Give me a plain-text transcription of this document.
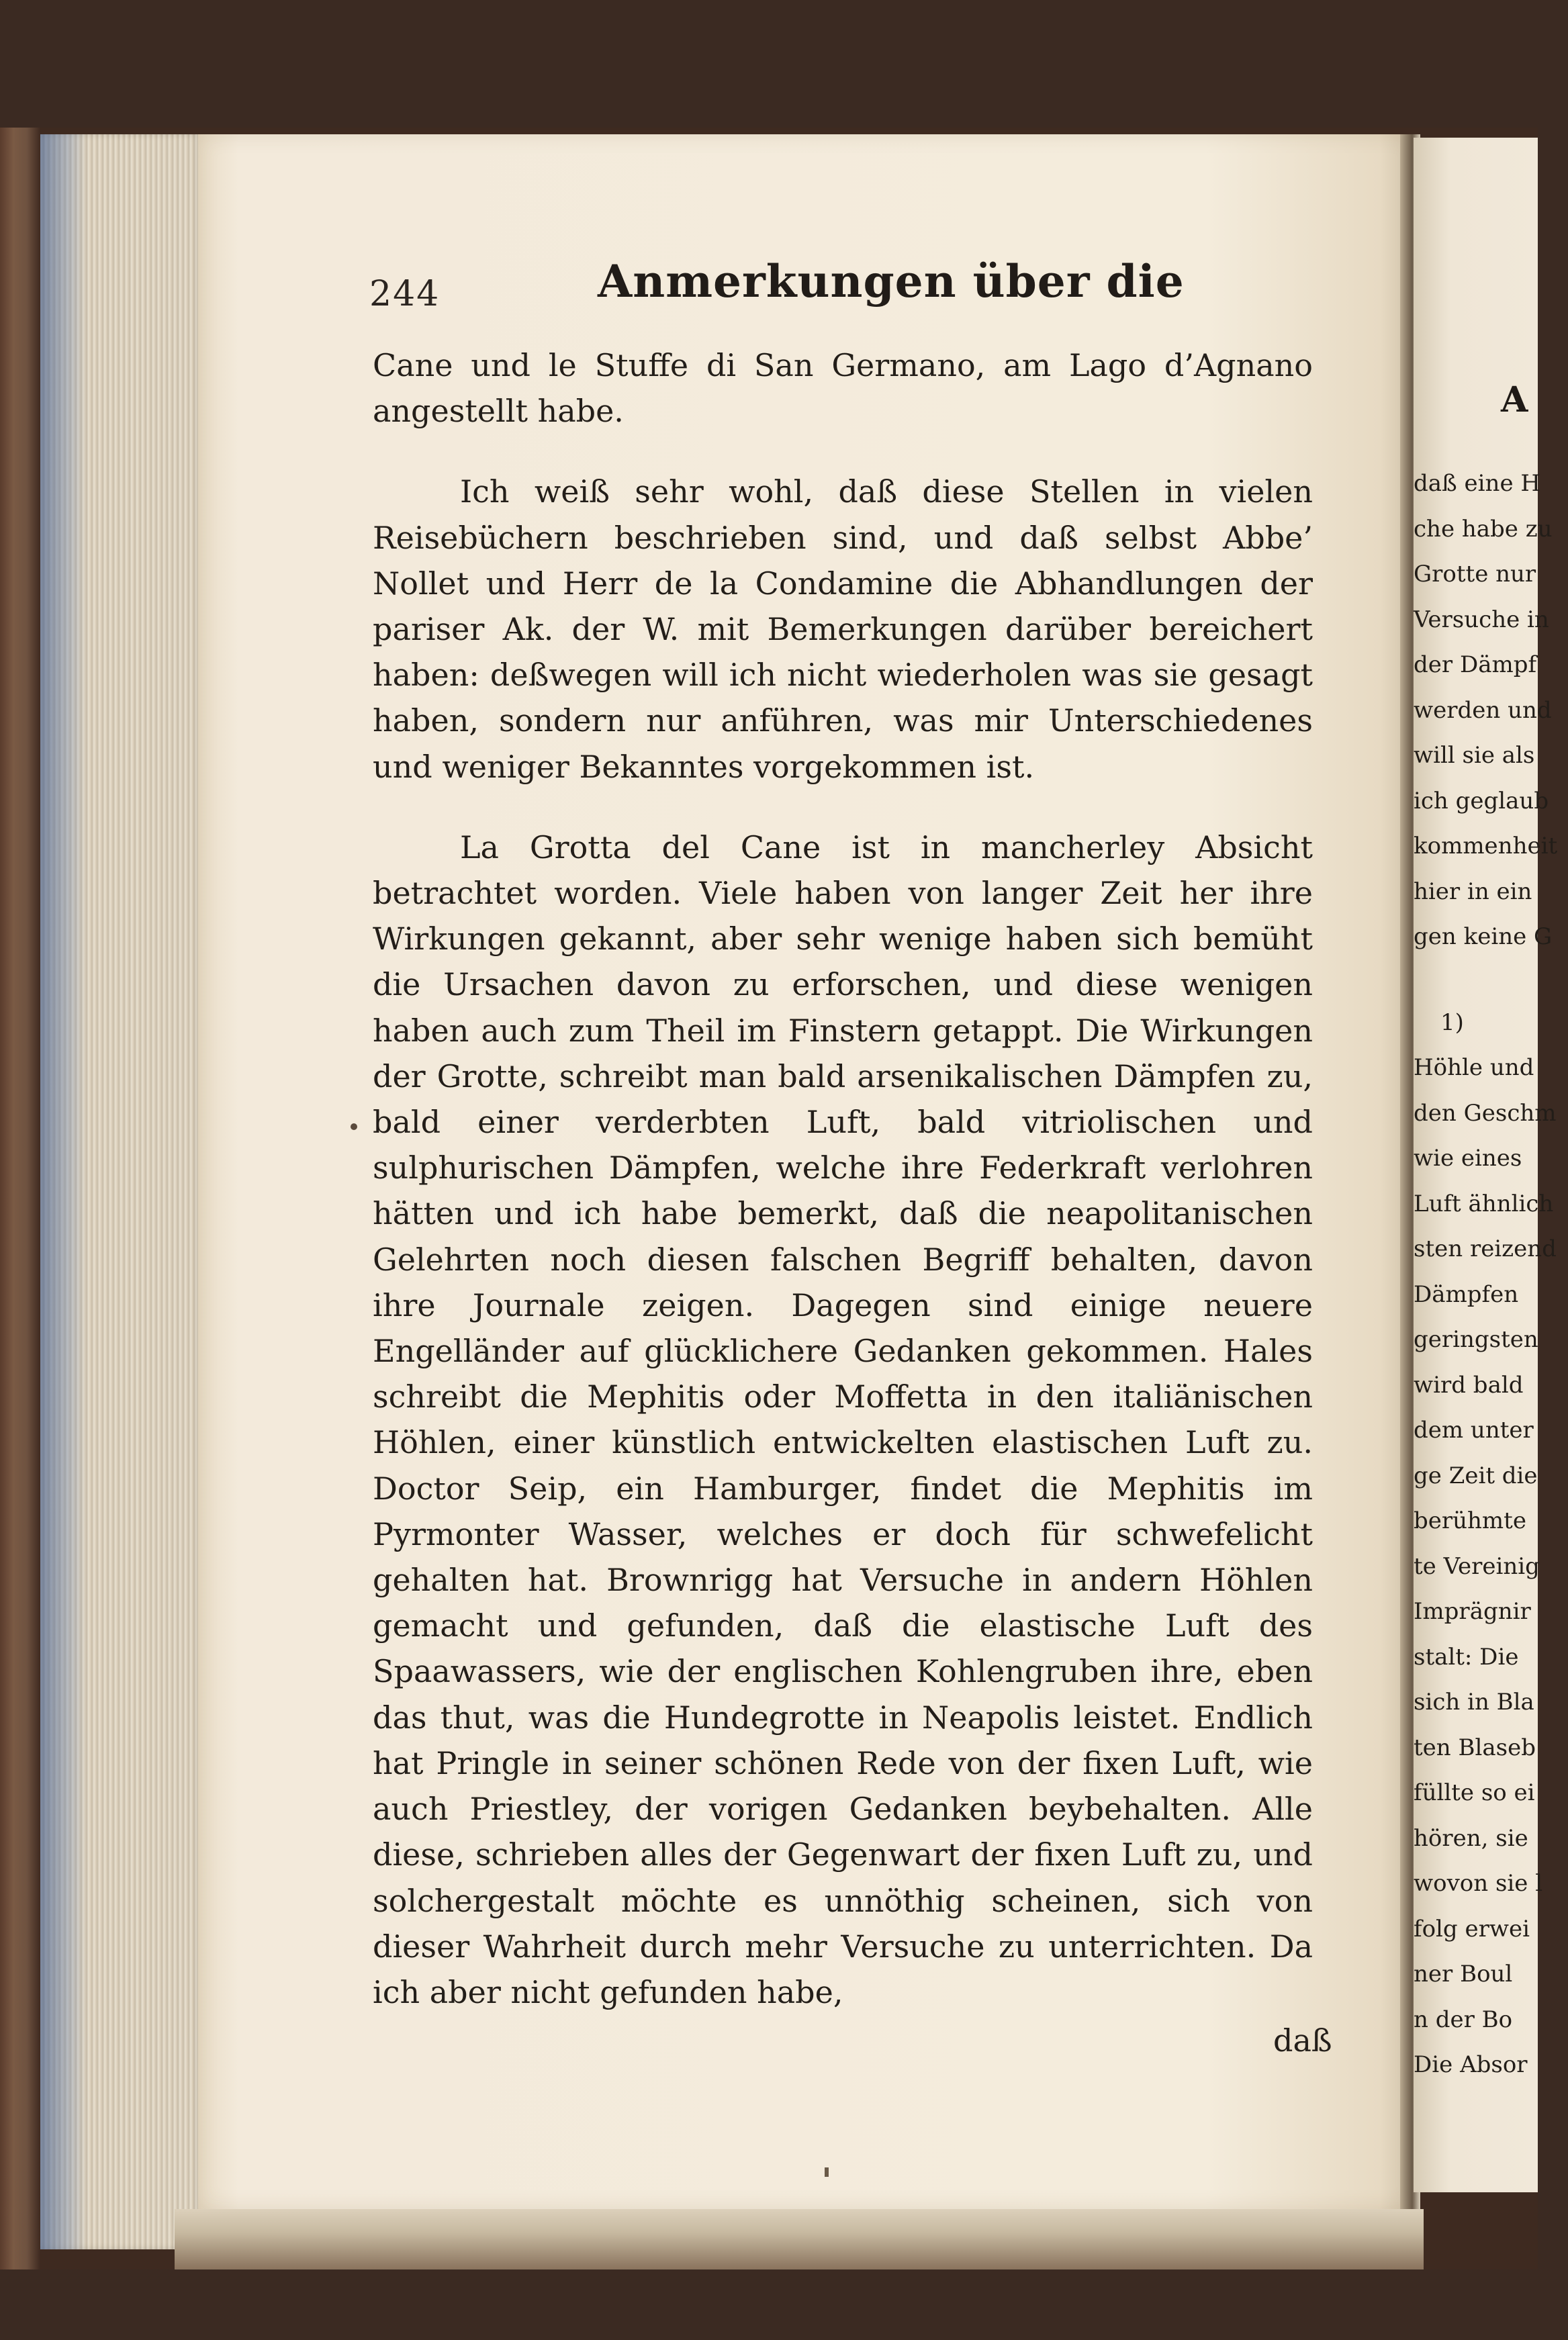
A
daß eine H
che habe zu
Grotte nur
Versuche in
der Dämpf
werden und
will sie als
ich geglaub
kommenheit
hier in ein
gen keine G
1)
Höhle und
den Geschm
wie eines
Luft ähnlich
sten reizend
Dämpfen
geringsten
wird bald
dem unter
ge Zeit die
berühmte
te Vereinig
Imprägnir
stalt: Die
sich in Bla
ten Blaseb
füllte so ei
hören, sie
wovon sie l
folg erwei
ner Boul
n der Bo
Die Absor
244	Anmerkungen über die

Cane und le Stuffe di San Germano, am Lago d’Agnano angestellt habe.

Ich weiß sehr wohl, daß diese Stellen in vielen Reisebüchern beschrieben sind, und daß selbst Abbe’ Nollet und Herr de la Condamine die Abhandlungen der pariser Ak. der W. mit Bemerkungen darüber bereichert haben: deßwegen will ich nicht wiederholen was sie gesagt haben, sondern nur anführen, was mir Unterschiedenes und weniger Bekanntes vorgekommen ist.

La Grotta del Cane ist in mancherley Absicht betrachtet worden. Viele haben von langer Zeit her ihre Wirkungen gekannt, aber sehr wenige haben sich bemüht die Ursachen davon zu erforschen, und diese wenigen haben auch zum Theil im Finstern getappt. Die Wirkungen der Grotte, schreibt man bald arsenikalischen Dämpfen zu, bald einer verderbten Luft, bald vitriolischen und sulphurischen Dämpfen, welche ihre Federkraft verlohren hätten und ich habe bemerkt, daß die neapolitanischen Gelehrten noch diesen falschen Begriff behalten, davon ihre Journale zeigen. Dagegen sind einige neuere Engelländer auf glücklichere Gedanken gekommen. Hales schreibt die Mephitis oder Moffetta in den italiänischen Höhlen, einer künstlich entwickelten elastischen Luft zu. Doctor Seip, ein Hamburger, findet die Mephitis im Pyrmonter Wasser, welches er doch für schwefelicht gehalten hat. Brownrigg hat Versuche in andern Höhlen gemacht und gefunden, daß die elastische Luft des Spaawassers, wie der englischen Kohlengruben ihre, eben das thut, was die Hundegrotte in Neapolis leistet. Endlich hat Pringle in seiner schönen Rede von der fixen Luft, wie auch Priestley, der vorigen Gedanken beybehalten. Alle diese, schrieben alles der Gegenwart der fixen Luft zu, und solchergestalt möchte es unnöthig scheinen, sich von dieser Wahrheit durch mehr Versuche zu unterrichten. Da ich aber nicht gefunden habe,

daß
